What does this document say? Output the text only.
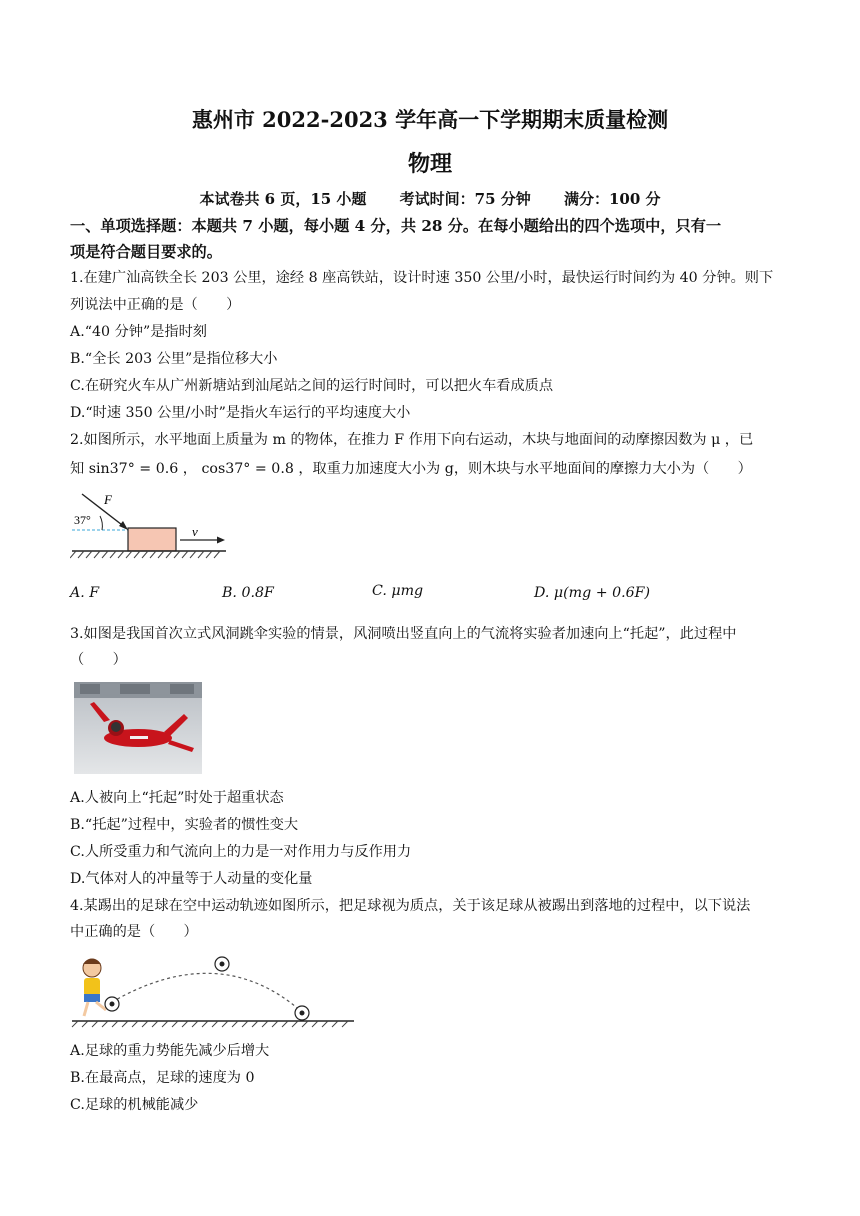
惠州市 2022-2023 学年高一下学期期末质量检测
物理
本试卷共 6 页，15 小题 考试时间：75 分钟 满分：100 分
一、单项选择题：本题共 7 小题，每小题 4 分，共 28 分。在每小题给出的四个选项中，只有一
项是符合题目要求的。
1.在建广汕高铁全长 203 公里，途经 8 座高铁站，设计时速 350 公里/小时，最快运行时间约为 40 分钟。则下
列说法中正确的是（　　）
A.“40 分钟”是指时刻
B.“全长 203 公里”是指位移大小
C.在研究火车从广州新塘站到汕尾站之间的运行时间时，可以把火车看成质点
D.“时速 350 公里/小时”是指火车运行的平均速度大小
2.如图所示，水平地面上质量为 m 的物体，在推力 F 作用下向右运动，木块与地面间的动摩擦因数为 μ ，已
知 sin37° = 0.6 ， cos37° = 0.8 ，取重力加速度大小为 g，则木块与水平地面间的摩擦力大小为（　　）
F
37°
v
A. F	B. 0.8F	C. μmg	D. μ(mg + 0.6F)
3.如图是我国首次立式风洞跳伞实验的情景，风洞喷出竖直向上的气流将实验者加速向上“托起”，此过程中
（　　）
A.人被向上“托起”时处于超重状态
B.“托起”过程中，实验者的惯性变大
C.人所受重力和气流向上的力是一对作用力与反作用力
D.气体对人的冲量等于人动量的变化量
4.某踢出的足球在空中运动轨迹如图所示，把足球视为质点，关于该足球从被踢出到落地的过程中，以下说法
中正确的是（　　）
A.足球的重力势能先减少后增大
B.在最高点，足球的速度为 0
C.足球的机械能减少
